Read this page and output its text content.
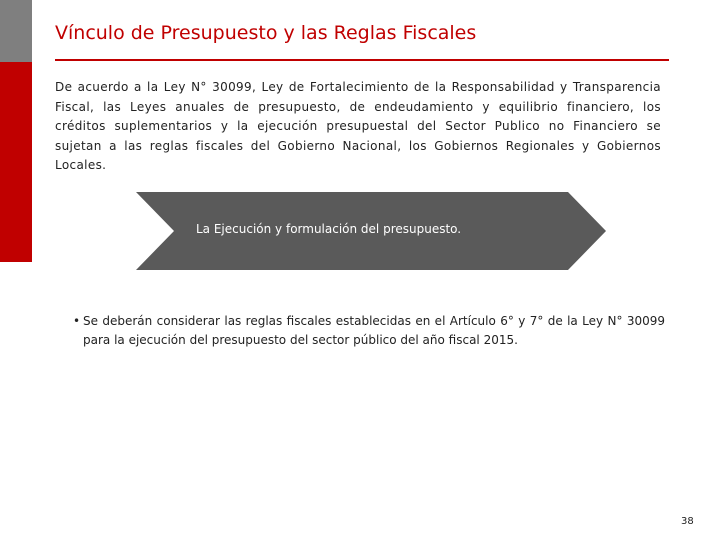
Vínculo de Presupuesto y las Reglas Fiscales
De acuerdo a la Ley N° 30099, Ley de Fortalecimiento de la Responsabilidad y Transparencia Fiscal, las Leyes anuales de presupuesto, de endeudamiento y equilibrio financiero, los créditos suplementarios y la ejecución presupuestal del Sector Publico no Financiero se sujetan a las reglas fiscales del Gobierno Nacional, los Gobiernos Regionales y Gobiernos Locales.
La Ejecución y formulación del presupuesto.
• Se deberán considerar las reglas fiscales establecidas en el Artículo 6° y 7° de la Ley N° 30099 para la ejecución del presupuesto del sector público del año fiscal 2015.
38
